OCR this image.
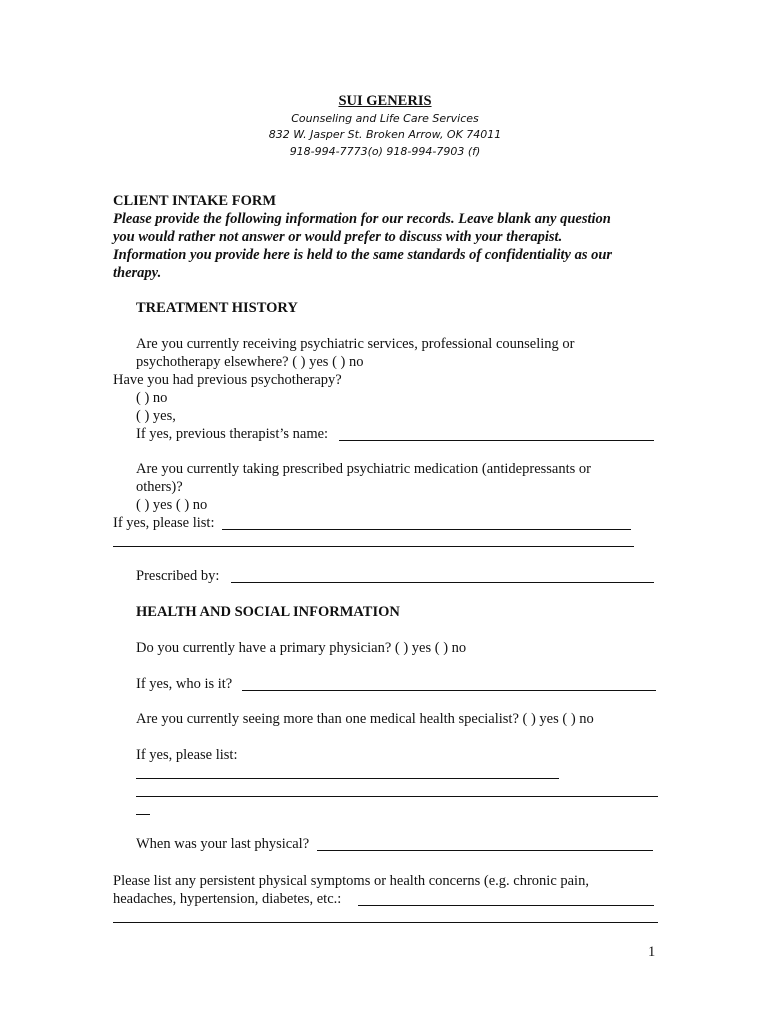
SUI GENERIS
Counseling and Life Care Services
832 W. Jasper St. Broken Arrow, OK 74011
918-994-7773(o) 918-994-7903 (f)
CLIENT INTAKE FORM
Please provide the following information for our records. Leave blank any question
you would rather not answer or would prefer to discuss with your therapist.
Information you provide here is held to the same standards of confidentiality as our
therapy.
TREATMENT HISTORY
Are you currently receiving psychiatric services, professional counseling or
psychotherapy elsewhere? ( ) yes ( ) no
Have you had previous psychotherapy?
( ) no
( ) yes,
If yes, previous therapist’s name:
Are you currently taking prescribed psychiatric medication (antidepressants or
others)?
( ) yes ( ) no
If yes, please list:
Prescribed by:
HEALTH AND SOCIAL INFORMATION
Do you currently have a primary physician? ( ) yes ( ) no
If yes, who is it?
Are you currently seeing more than one medical health specialist? ( ) yes ( ) no
If yes, please list:
When was your last physical?
Please list any persistent physical symptoms or health concerns (e.g. chronic pain,
headaches, hypertension, diabetes, etc.:
1
